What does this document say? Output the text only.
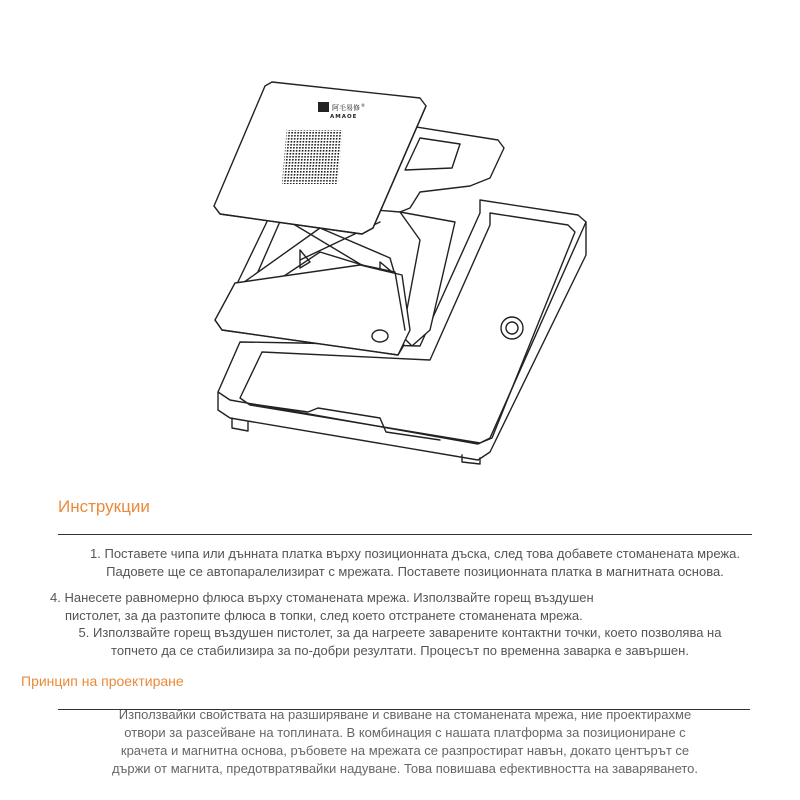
阿毛易修 ®
AMAOE
Инструкции

1. Поставете чипа или дънната платка върху позиционната дъска, след това добавете стоманената мрежа.
Падовете ще се автопаралелизират с мрежата. Поставете позиционната платка в магнитната основа.

4. Нанесете равномерно флюса върху стоманената мрежа. Използвайте горещ въздушен
пистолет, за да разтопите флюса в топки, след което отстранете стоманената мрежа.

5. Използвайте горещ въздушен пистолет, за да нагреете заварените контактни точки, което позволява на
топчето да се стабилизира за по-добри резултати. Процесът по временна заварка е завършен.

Принцип на проектиране

Използвайки свойствата на разширяване и свиване на стоманената мрежа, ние проектирахме
отвори за разсейване на топлината. В комбинация с нашата платформа за позициониране с
крачета и магнитна основа, ръбовете на мрежата се разпростират навън, докато центърът се
държи от магнита, предотвратявайки надуване. Това повишава ефективността на заваряването.
